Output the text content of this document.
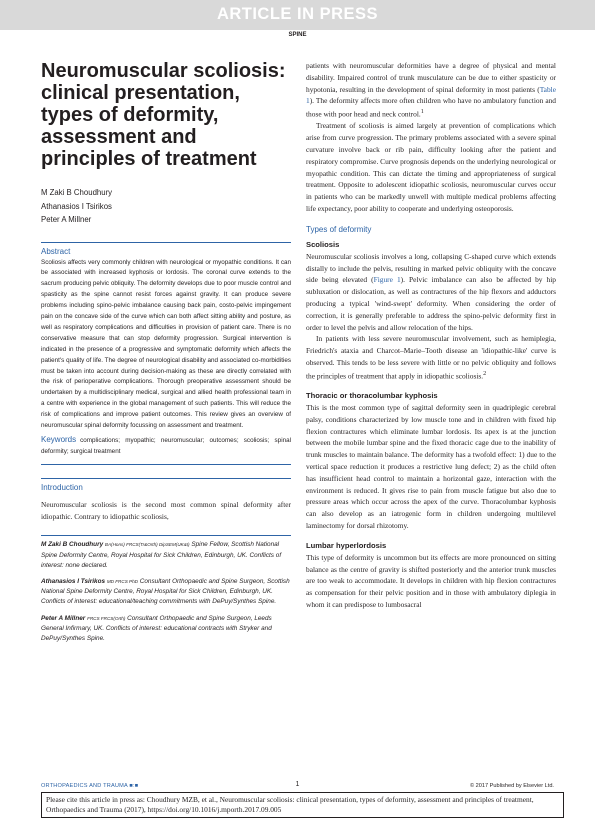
ARTICLE IN PRESS
SPINE
Neuromuscular scoliosis: clinical presentation, types of deformity, assessment and principles of treatment
M Zaki B Choudhury
Athanasios I Tsirikos
Peter A Millner
Abstract
Scoliosis affects very commonly children with neurological or myopathic conditions. It can be associated with increased kyphosis or lordosis. The coronal curve extends to the sacrum producing pelvic obliquity. The deformity develops due to poor muscle control and spasticity as the spine cannot resist forces against gravity. It can produce severe problems including spino-pelvic imbalance causing back pain, costo-pelvic impingement pain on the concave side of the curve which can both affect sitting ability and posture, as well as respiratory complications and difficulties in provision of patient care. There is no conservative measure that can stop deformity progression. Surgical intervention is indicated in the presence of a progressive and symptomatic deformity which affects the patient's quality of life. The degree of neurological disability and associated co-morbidities must be taken into account during decision-making as these are directly correlated with the risk of perioperative complications. Thorough preoperative assessment should be undertaken by a multidisciplinary medical, surgical and allied health professional team in a centre with experience in the global management of such patients. This will reduce the risk of complications and improve patient outcomes. This review gives an overview of neuromuscular spinal deformity focussing on assessment and treatment.
Keywords complications; myopathic; neuromuscular; outcomes; scoliosis; spinal deformity; surgical treatment
Introduction

Neuromuscular scoliosis is the second most common spinal deformity after idiopathic. Contrary to idiopathic scoliosis,

M Zaki B Choudhury BA(Hons) FRCS(Tr&Orth) DipSEM(UK&I) Spine Fellow, Scottish National Spine Deformity Centre, Royal Hospital for Sick Children, Edinburgh, UK. Conflicts of interest: none declared.
Athanasios I Tsirikos MD FRCS PhD Consultant Orthopaedic and Spine Surgeon, Scottish National Spine Deformity Centre, Royal Hospital for Sick Children, Edinburgh, UK. Conflicts of interest: educational/teaching commitments with DePuy/Synthes Spine.
Peter A Millner FRCS FRCS(Orth) Consultant Orthopaedic and Spine Surgeon, Leeds General Infirmary, UK. Conflicts of interest: educational contracts with Stryker and DePuy/Synthes Spine.

patients with neuromuscular deformities have a degree of physical and mental disability. Impaired control of trunk musculature can be due to either spasticity or hypotonia, resulting in the development of spinal deformity in most patients (Table 1). The deformity affects more often children who have no ambulatory function and those with poor head and neck control.$^1$

Treatment of scoliosis is aimed largely at prevention of complications which arise from curve progression. The primary problems associated with a severe spinal curvature involve back or rib pain, difficulty looking after the patient and respiratory compromise. Curve prognosis depends on the underlying neurological or myopathic condition. This can dictate the timing and appropriateness of surgical treatment. Opposite to adolescent idiopathic scoliosis, neuromuscular curves occur in patients who can be markedly unwell with multiple medical problems affecting life expectancy, poor ability to cooperate and underlying osteoporosis.

Types of deformity
Scoliosis

Neuromuscular scoliosis involves a long, collapsing C-shaped curve which extends distally to include the pelvis, resulting in marked pelvic obliquity with the concave side being elevated (Figure 1). Pelvic imbalance can also be affected by hip subluxation or dislocation, as well as contractures of the hip flexors and adductors producing a typical 'wind-swept' deformity. When considering the order of correction, it is generally preferable to address the spino-pelvic deformity first in order to level the pelvis and allow relocation of the hips.

In patients with less severe neuromuscular involvement, such as hemiplegia, Friedrich's ataxia and Charcot–Marie–Tooth disease an 'idiopathic-like' curve is observed. This tends to be less severe with little or no pelvic obliquity and follows the principles of treatment that apply in idiopathic scoliosis.$^2$

Thoracic or thoracolumbar kyphosis

This is the most common type of sagittal deformity seen in quadriplegic cerebral palsy, conditions characterized by low muscle tone and in children with fixed hip flexion contractures which eliminate lumbar lordosis. Its apex is at the junction between the mobile lumbar spine and the fixed thoracic cage due to the inability of trunk muscles to maintain balance. The deformity has a twofold effect: 1) due to the vertical space reduction it produces a restrictive lung defect; 2) as the child often has insufficient head control to maintain a horizontal gaze, interaction with the environment is reduced. It gives rise to pain from muscle fatigue but also due to pressure areas which occur across the apex of the curve. Thoracolumbar kyphosis can also develop as an iatrogenic form in children undergoing multilevel laminectomy for dorsal rhizotomy.

Lumbar hyperlordosis

This type of deformity is uncommon but its effects are more pronounced on sitting balance as the centre of gravity is shifted posteriorly and the anterior trunk muscles are too weak to accommodate. It develops in children with hip flexion contractures as compensation for their pelvic position and in those with ambulatory diplegia in whom it can predispose to lumbosacral

ORTHOPAEDICS AND TRAUMA ■:■	1	© 2017 Published by Elsevier Ltd.
Please cite this article in press as: Choudhury MZB, et al., Neuromuscular scoliosis: clinical presentation, types of deformity, assessment and principles of treatment, Orthopaedics and Trauma (2017), https://doi.org/10.1016/j.mporth.2017.09.005
